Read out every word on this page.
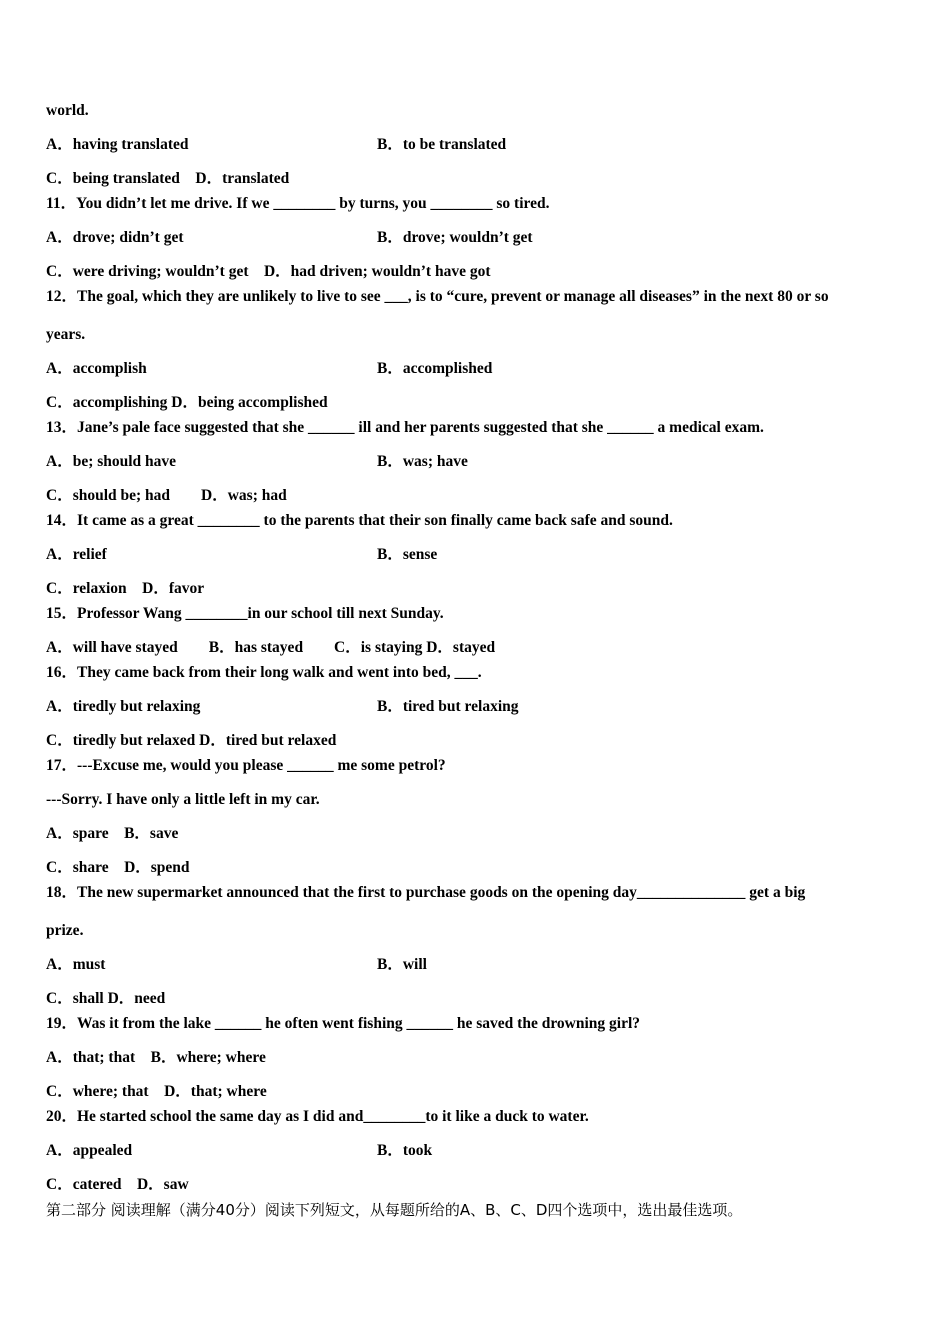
world.
A．having translated	B．to be translated
C．being translated　D．translated
11．You didn’t let me drive. If we ________ by turns, you ________ so tired.
A．drove; didn’t get	B．drove; wouldn’t get
C．were driving; wouldn’t get　D．had driven; wouldn’t have got
12．The goal, which they are unlikely to live to see ___, is to “cure, prevent or manage all diseases” in the next 80 or so
years.
A．accomplish	B．accomplished
C．accomplishing D．being accomplished
13．Jane’s pale face suggested that she ______ ill and her parents suggested that she ______ a medical exam.
A．be; should have	B．was; have
C．should be; had　　D．was; had
14．It came as a great ________ to the parents that their son finally came back safe and sound.
A．relief	B．sense
C．relaxion　D．favor
15．Professor Wang ________in our school till next Sunday.
A．will have stayed　　B．has stayed　　C．is staying D．stayed
16．They came back from their long walk and went into bed, ___.
A．tiredly but relaxing	B．tired but relaxing
C．tiredly but relaxed D．tired but relaxed
17．---Excuse me, would you please ______ me some petrol?
---Sorry. I have only a little left in my car.
A．spare　B．save
C．share　D．spend
18．The new supermarket announced that the first to purchase goods on the opening day______________ get a big
prize.
A．must	B．will
C．shall D．need
19．Was it from the lake ______ he often went fishing ______ he saved the drowning girl?
A．that; that　B．where; where
C．where; that　D．that; where
20．He started school the same day as I did and________to it like a duck to water.
A．appealed	B．took
C．catered　D．saw
第二部分 阅读理解（满分40分）阅读下列短文，从每题所给的A、B、C、D四个选项中，选出最佳选项。
